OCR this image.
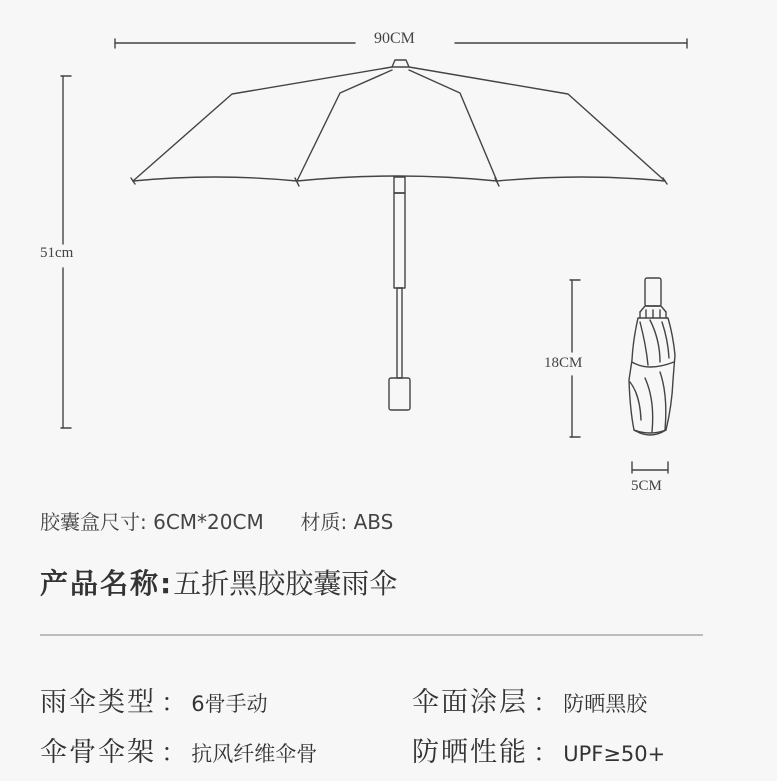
90CM
51cm
18CM
5CM
胶囊盒尺寸: 6CM*20CM 材质: ABS
产品名称:五折黑胶胶囊雨伞
雨伞类型 ： 6骨手动	伞面涂层 ： 防晒黑胶
伞骨伞架 ： 抗风纤维伞骨	防晒性能 ： UPF≥50+
